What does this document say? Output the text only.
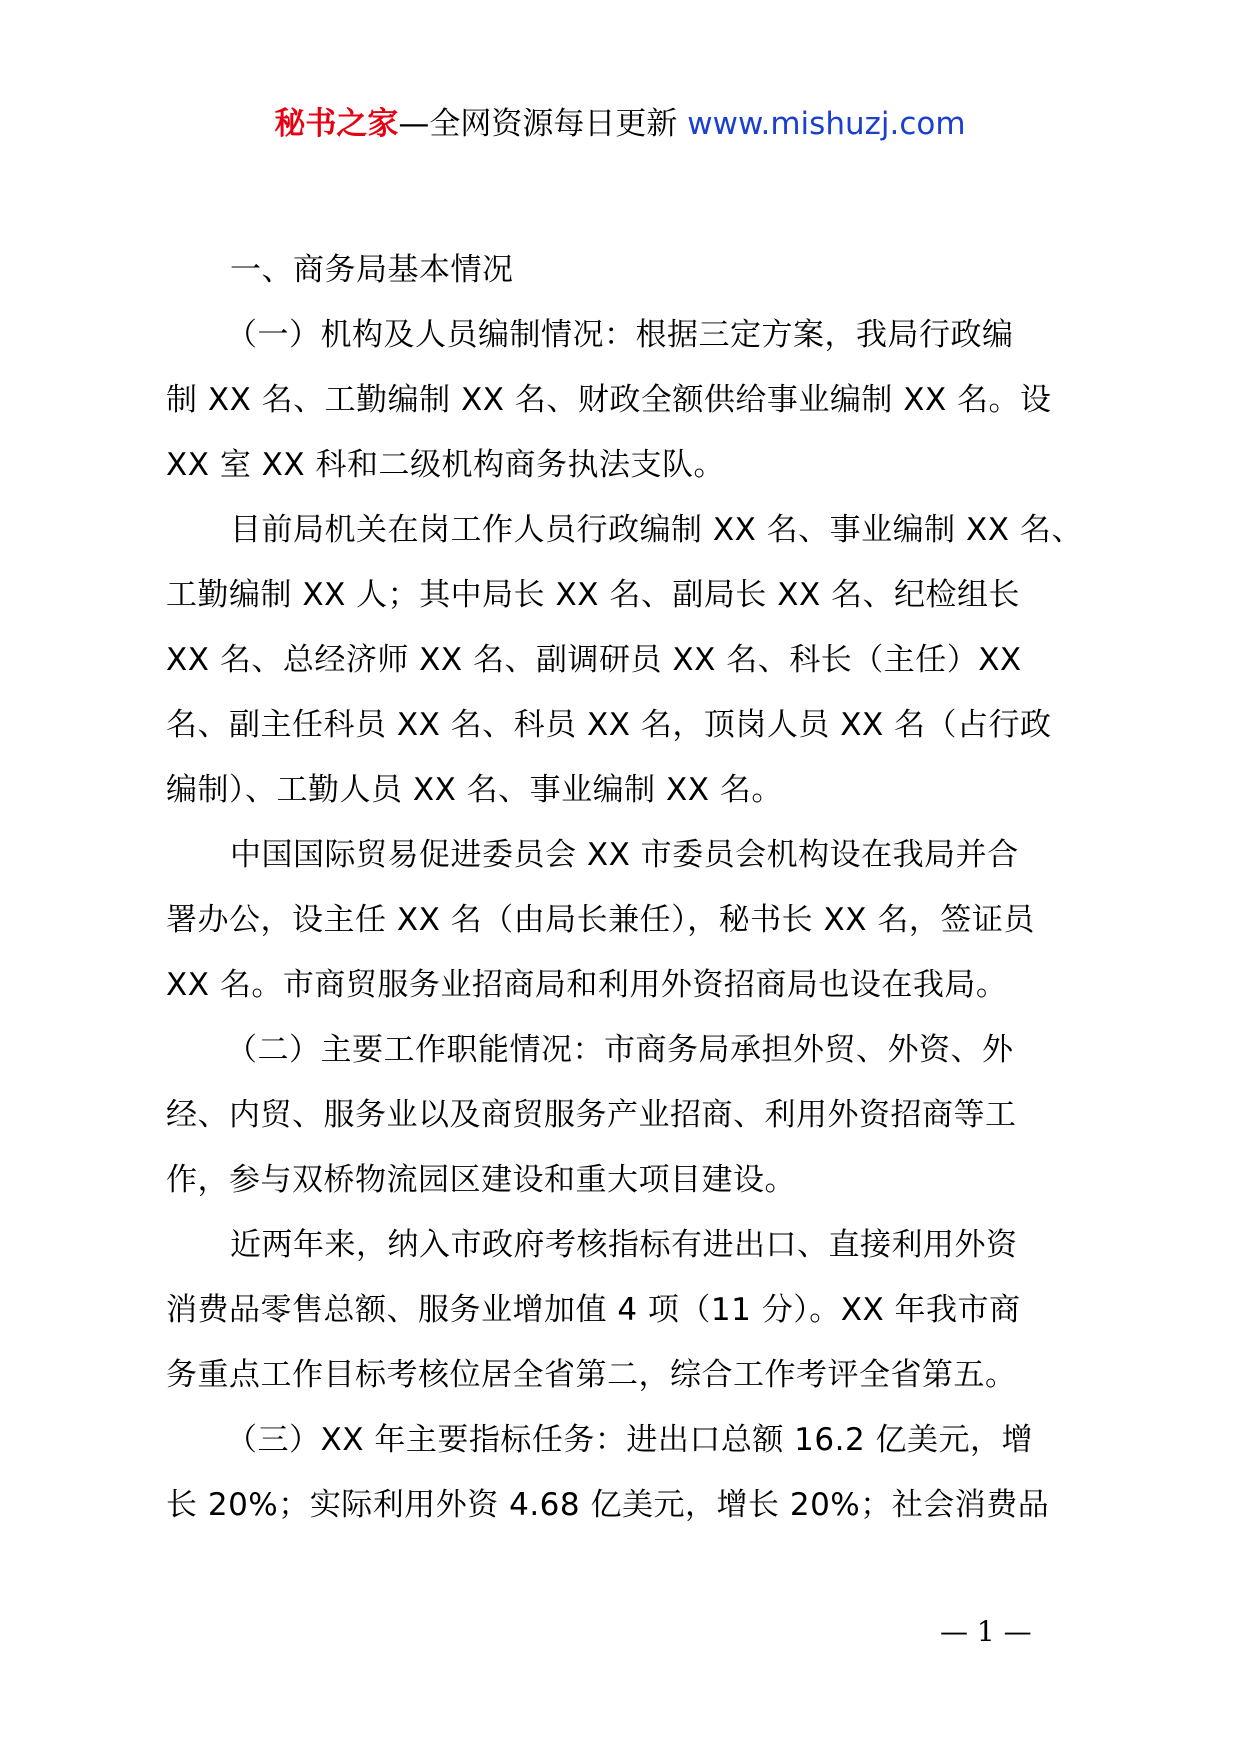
秘书之家—全网资源每日更新 www.mishuzj.com
一、商务局基本情况
（一）机构及人员编制情况：根据三定方案，我局行政编
制 XX 名、工勤编制 XX 名、财政全额供给事业编制 XX 名。设
XX 室 XX 科和二级机构商务执法支队。
目前局机关在岗工作人员行政编制 XX 名、事业编制 XX 名、
工勤编制 XX 人；其中局长 XX 名、副局长 XX 名、纪检组长
XX 名、总经济师 XX 名、副调研员 XX 名、科长（主任）XX
名、副主任科员 XX 名、科员 XX 名，顶岗人员 XX 名（占行政
编制）、工勤人员 XX 名、事业编制 XX 名。
中国国际贸易促进委员会 XX 市委员会机构设在我局并合
署办公，设主任 XX 名（由局长兼任），秘书长 XX 名，签证员
XX 名。市商贸服务业招商局和利用外资招商局也设在我局。
（二）主要工作职能情况：市商务局承担外贸、外资、外
经、内贸、服务业以及商贸服务产业招商、利用外资招商等工
作，参与双桥物流园区建设和重大项目建设。
近两年来，纳入市政府考核指标有进出口、直接利用外资
消费品零售总额、服务业增加值 4 项（11 分）。XX 年我市商
务重点工作目标考核位居全省第二，综合工作考评全省第五。
（三）XX 年主要指标任务：进出口总额 16.2 亿美元，增
长 20%；实际利用外资 4.68 亿美元，增长 20%；社会消费品
— 1 —
